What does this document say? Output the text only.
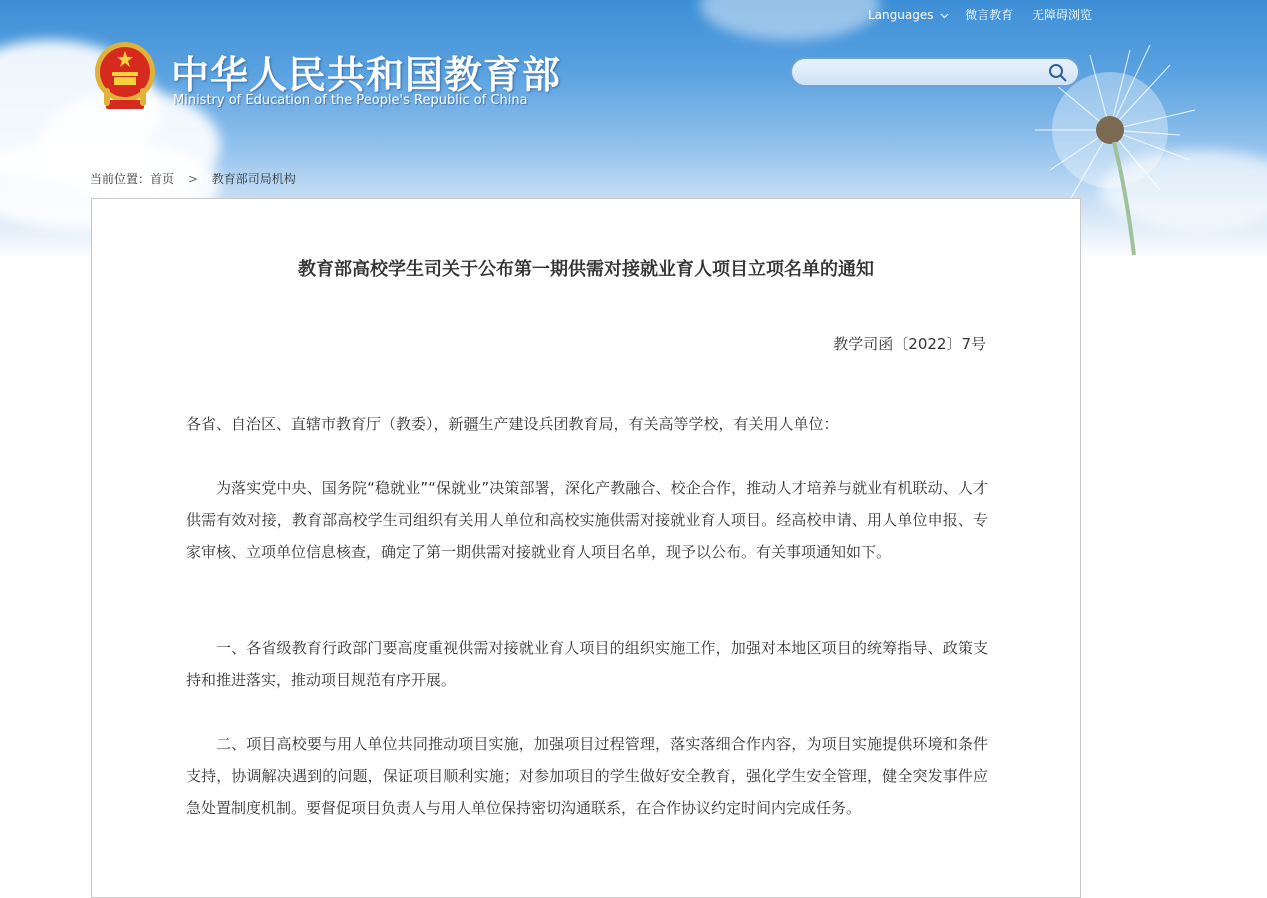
Languages	微言教育 无障碍浏览
中华人民共和国教育部
Ministry of Education of the People's Republic of China
当前位置：首页 > 教育部司局机构
教育部高校学生司关于公布第一期供需对接就业育人项目立项名单的通知
教学司函〔2022〕7号

各省、自治区、直辖市教育厅（教委），新疆生产建设兵团教育局，有关高等学校，有关用人单位：

为落实党中央、国务院“稳就业”“保就业”决策部署，深化产教融合、校企合作，推动人才培养与就业有机联动、人才供需有效对接，教育部高校学生司组织有关用人单位和高校实施供需对接就业育人项目。经高校申请、用人单位申报、专家审核、立项单位信息核查，确定了第一期供需对接就业育人项目名单，现予以公布。有关事项通知如下。

一、各省级教育行政部门要高度重视供需对接就业育人项目的组织实施工作，加强对本地区项目的统筹指导、政策支持和推进落实，推动项目规范有序开展。

二、项目高校要与用人单位共同推动项目实施，加强项目过程管理，落实落细合作内容，为项目实施提供环境和条件支持，协调解决遇到的问题，保证项目顺利实施；对参加项目的学生做好安全教育，强化学生安全管理，健全突发事件应急处置制度机制。要督促项目负责人与用人单位保持密切沟通联系，在合作协议约定时间内完成任务。
